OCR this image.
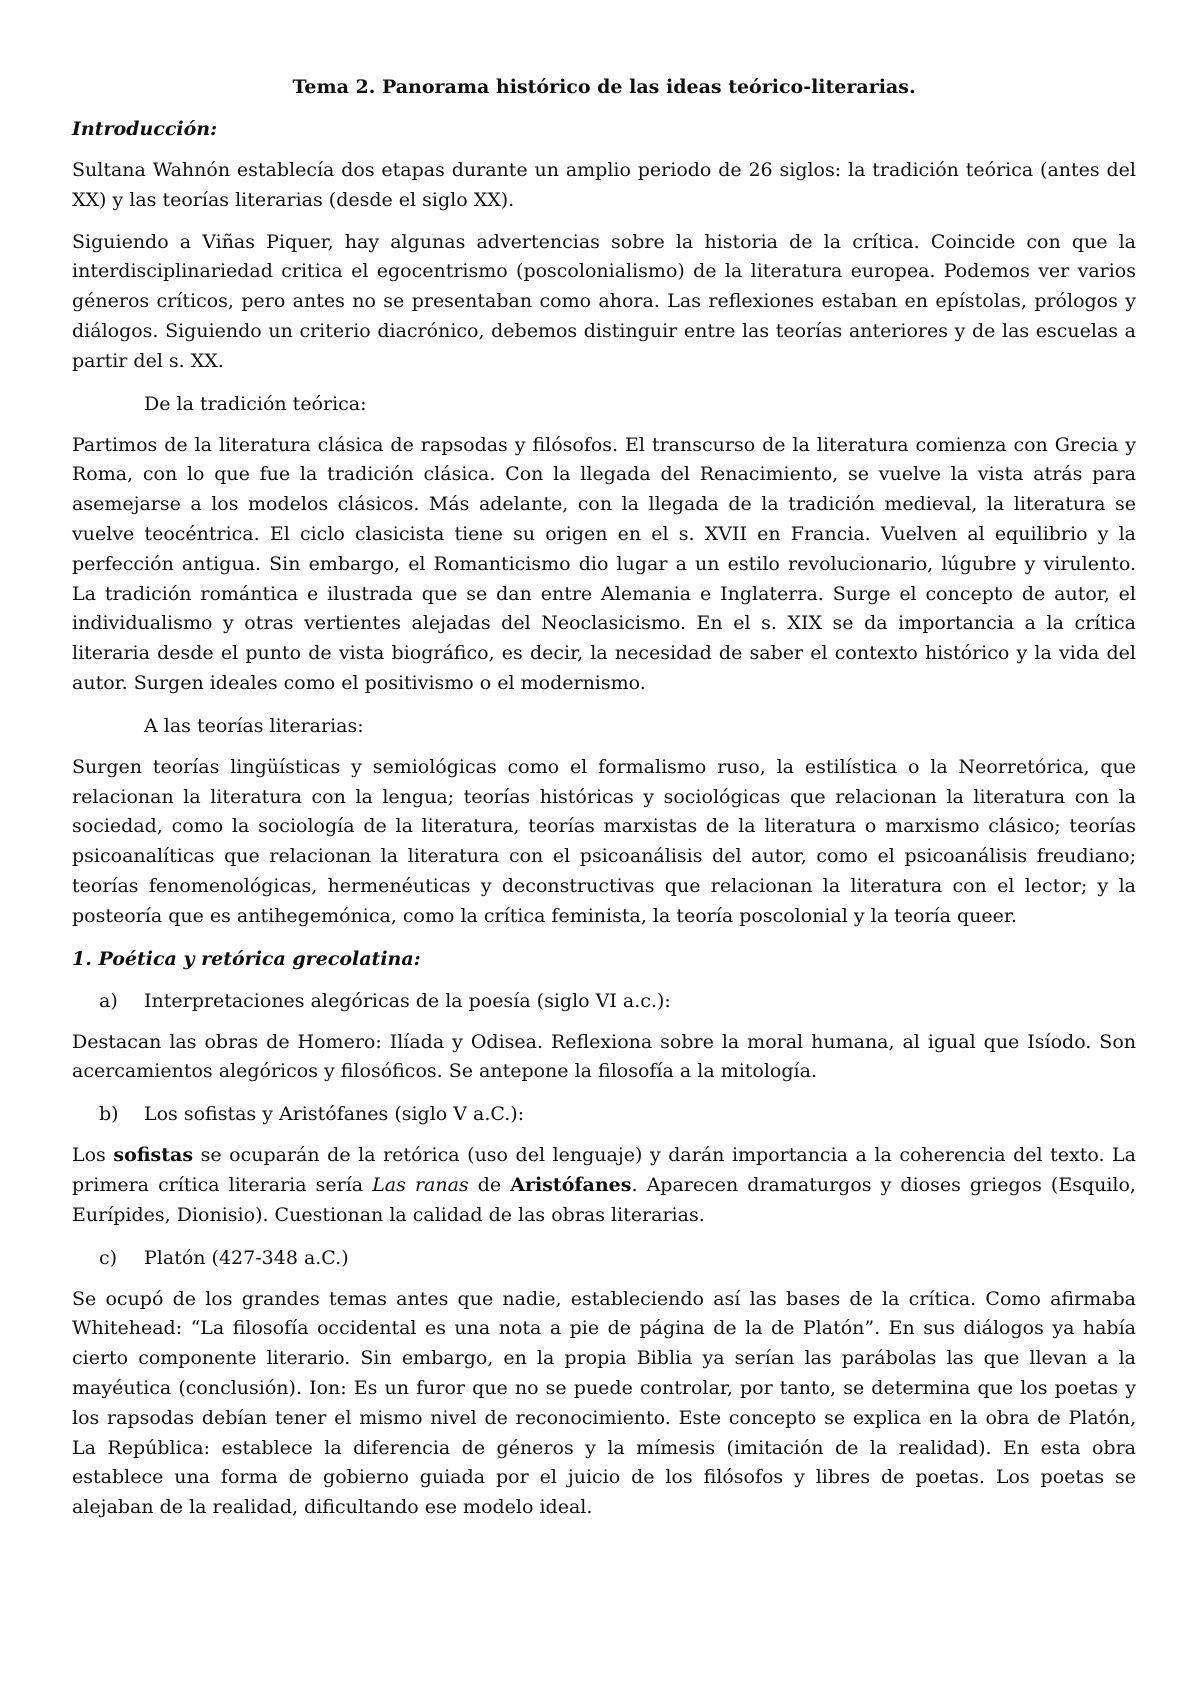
Tema 2. Panorama histórico de las ideas teórico-literarias.

Introducción:

Sultana Wahnón establecía dos etapas durante un amplio periodo de 26 siglos: la tradición teórica (antes del XX) y las teorías literarias (desde el siglo XX).

Siguiendo a Viñas Piquer, hay algunas advertencias sobre la historia de la crítica. Coincide con que la interdisciplinariedad critica el egocentrismo (poscolonialismo) de la literatura europea. Podemos ver varios géneros críticos, pero antes no se presentaban como ahora. Las reflexiones estaban en epístolas, prólogos y diálogos. Siguiendo un criterio diacrónico, debemos distinguir entre las teorías anteriores y de las escuelas a partir del s. XX.

De la tradición teórica:

Partimos de la literatura clásica de rapsodas y filósofos. El transcurso de la literatura comienza con Grecia y Roma, con lo que fue la tradición clásica. Con la llegada del Renacimiento, se vuelve la vista atrás para asemejarse a los modelos clásicos. Más adelante, con la llegada de la tradición medieval, la literatura se vuelve teocéntrica. El ciclo clasicista tiene su origen en el s. XVII en Francia. Vuelven al equilibrio y la perfección antigua. Sin embargo, el Romanticismo dio lugar a un estilo revolucionario, lúgubre y virulento. La tradición romántica e ilustrada que se dan entre Alemania e Inglaterra. Surge el concepto de autor, el individualismo y otras vertientes alejadas del Neoclasicismo. En el s. XIX se da importancia a la crítica literaria desde el punto de vista biográfico, es decir, la necesidad de saber el contexto histórico y la vida del autor. Surgen ideales como el positivismo o el modernismo.

A las teorías literarias:

Surgen teorías lingüísticas y semiológicas como el formalismo ruso, la estilística o la Neorretórica, que relacionan la literatura con la lengua; teorías históricas y sociológicas que relacionan la literatura con la sociedad, como la sociología de la literatura, teorías marxistas de la literatura o marxismo clásico; teorías psicoanalíticas que relacionan la literatura con el psicoanálisis del autor, como el psicoanálisis freudiano; teorías fenomenológicas, hermenéuticas y deconstructivas que relacionan la literatura con el lector; y la posteoría que es antihegemónica, como la crítica feminista, la teoría poscolonial y la teoría queer.

1. Poética y retórica grecolatina:

a) Interpretaciones alegóricas de la poesía (siglo VI a.c.):

Destacan las obras de Homero: Ilíada y Odisea. Reflexiona sobre la moral humana, al igual que Isíodo. Son acercamientos alegóricos y filosóficos. Se antepone la filosofía a la mitología.

b) Los sofistas y Aristófanes (siglo V a.C.):

Los sofistas se ocuparán de la retórica (uso del lenguaje) y darán importancia a la coherencia del texto. La primera crítica literaria sería Las ranas de Aristófanes. Aparecen dramaturgos y dioses griegos (Esquilo, Eurípides, Dionisio). Cuestionan la calidad de las obras literarias.

c) Platón (427-348 a.C.)

Se ocupó de los grandes temas antes que nadie, estableciendo así las bases de la crítica. Como afirmaba Whitehead: “La filosofía occidental es una nota a pie de página de la de Platón”. En sus diálogos ya había cierto componente literario. Sin embargo, en la propia Biblia ya serían las parábolas las que llevan a la mayéutica (conclusión). Ion: Es un furor que no se puede controlar, por tanto, se determina que los poetas y los rapsodas debían tener el mismo nivel de reconocimiento. Este concepto se explica en la obra de Platón, La República: establece la diferencia de géneros y la mímesis (imitación de la realidad). En esta obra establece una forma de gobierno guiada por el juicio de los filósofos y libres de poetas. Los poetas se alejaban de la realidad, dificultando ese modelo ideal.
